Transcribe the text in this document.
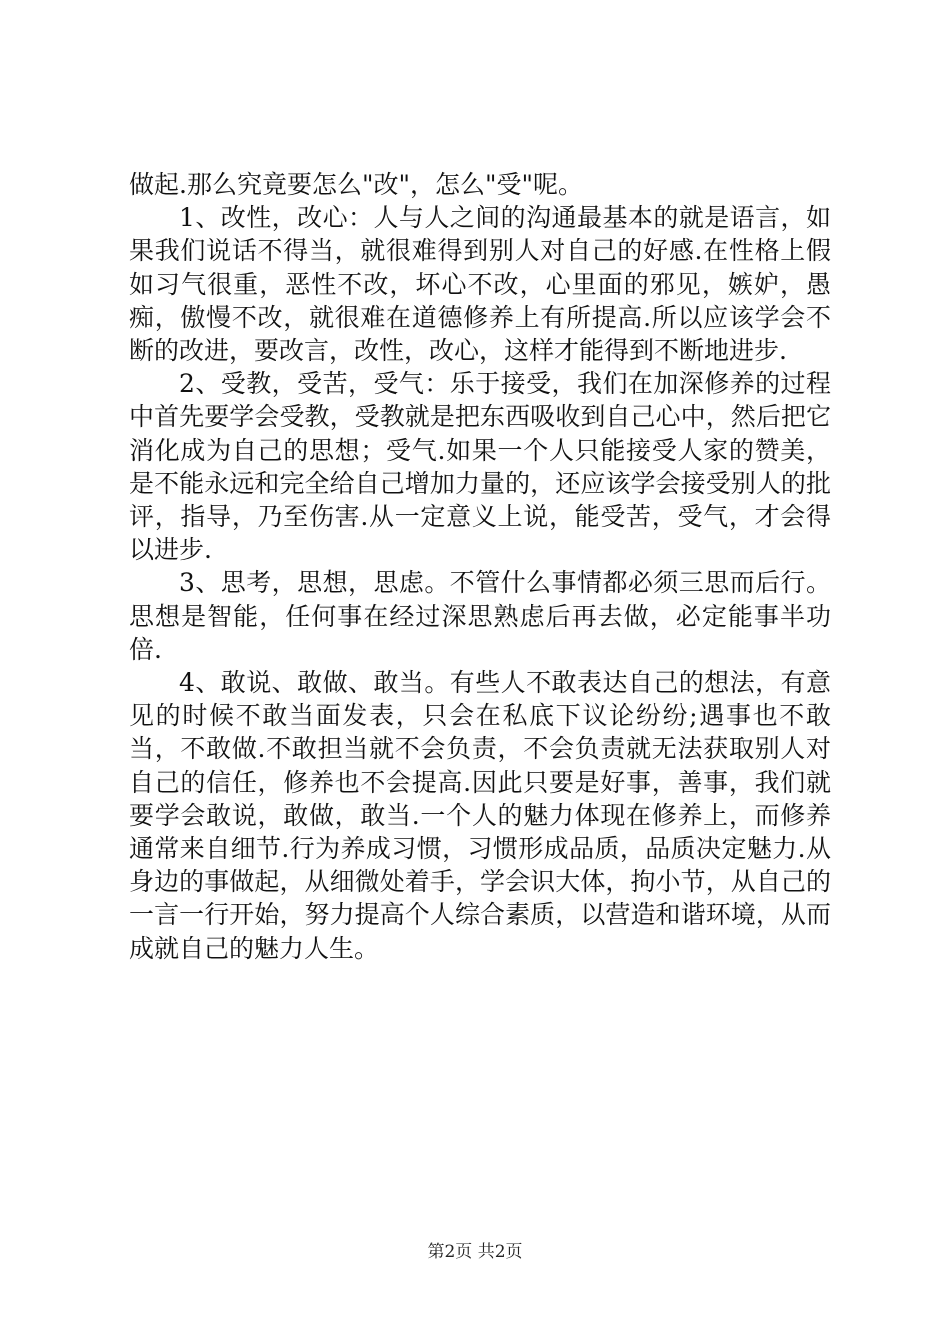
做起.那么究竟要怎么"改"，怎么"受"呢。

1、改性，改心：人与人之间的沟通最基本的就是语言，如果我们说话不得当，就很难得到别人对自己的好感.在性格上假如习气很重，恶性不改，坏心不改，心里面的邪见，嫉妒，愚痴，傲慢不改，就很难在道德修养上有所提高.所以应该学会不断的改进，要改言，改性，改心，这样才能得到不断地进步.

2、受教，受苦，受气：乐于接受，我们在加深修养的过程中首先要学会受教，受教就是把东西吸收到自己心中，然后把它消化成为自己的思想；受气.如果一个人只能接受人家的赞美，是不能永远和完全给自己增加力量的，还应该学会接受别人的批评，指导，乃至伤害.从一定意义上说，能受苦，受气，才会得以进步.

3、思考，思想，思虑。不管什么事情都必须三思而后行。思想是智能，任何事在经过深思熟虑后再去做，必定能事半功倍.

4、敢说、敢做、敢当。有些人不敢表达自己的想法，有意见的时候不敢当面发表，只会在私底下议论纷纷;遇事也不敢当，不敢做.不敢担当就不会负责，不会负责就无法获取别人对自己的信任，修养也不会提高.因此只要是好事，善事，我们就要学会敢说，敢做，敢当.一个人的魅力体现在修养上，而修养通常来自细节.行为养成习惯，习惯形成品质，品质决定魅力.从身边的事做起，从细微处着手，学会识大体，拘小节，从自己的一言一行开始，努力提高个人综合素质，以营造和谐环境，从而成就自己的魅力人生。

第2页 共2页
